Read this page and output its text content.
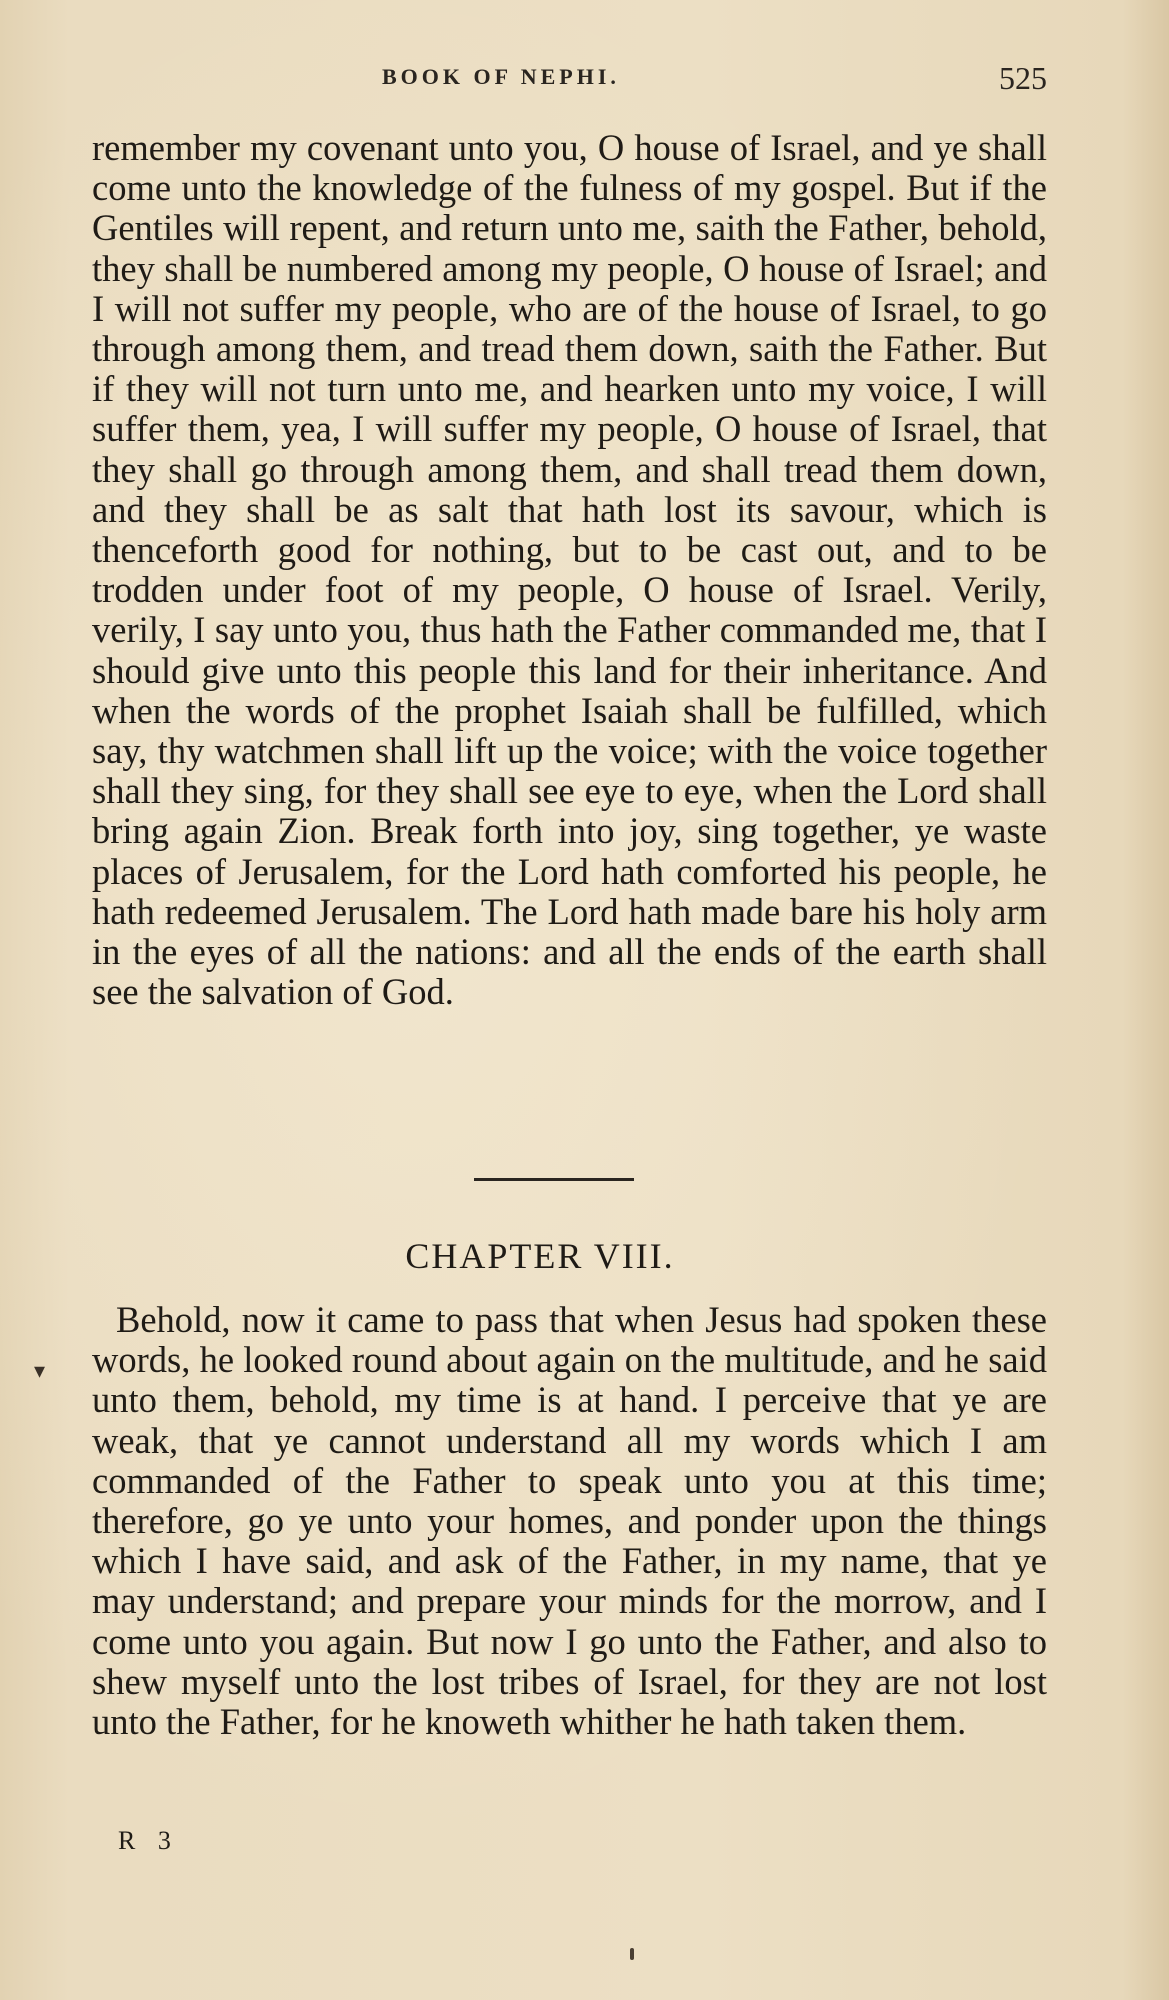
BOOK OF NEPHI.	525
remember my covenant unto you, O house of Israel, and ye shall come unto the knowledge of the fulness of my gospel. But if the Gentiles will repent, and return unto me, saith the Father, behold, they shall be numbered among my people, O house of Israel; and I will not suffer my people, who are of the house of Israel, to go through among them, and tread them down, saith the Father. But if they will not turn unto me, and hearken unto my voice, I will suffer them, yea, I will suffer my people, O house of Israel, that they shall go through among them, and shall tread them down, and they shall be as salt that hath lost its savour, which is thenceforth good for nothing, but to be cast out, and to be trodden under foot of my people, O house of Israel. Verily, verily, I say unto you, thus hath the Father commanded me, that I should give unto this people this land for their inheritance. And when the words of the prophet Isaiah shall be fulfilled, which say, thy watchmen shall lift up the voice; with the voice together shall they sing, for they shall see eye to eye, when the Lord shall bring again Zion. Break forth into joy, sing together, ye waste places of Jerusalem, for the Lord hath comforted his people, he hath redeemed Jerusalem. The Lord hath made bare his holy arm in the eyes of all the nations: and all the ends of the earth shall see the salvation of God.
CHAPTER VIII.
Behold, now it came to pass that when Jesus had spoken these words, he looked round about again on the multitude, and he said unto them, behold, my time is at hand. I perceive that ye are weak, that ye cannot understand all my words which I am commanded of the Father to speak unto you at this time; therefore, go ye unto your homes, and ponder upon the things which I have said, and ask of the Father, in my name, that ye may understand; and prepare your minds for the morrow, and I come unto you again. But now I go unto the Father, and also to shew myself unto the lost tribes of Israel, for they are not lost unto the Father, for he knoweth whither he hath taken them.
▾
R 3
